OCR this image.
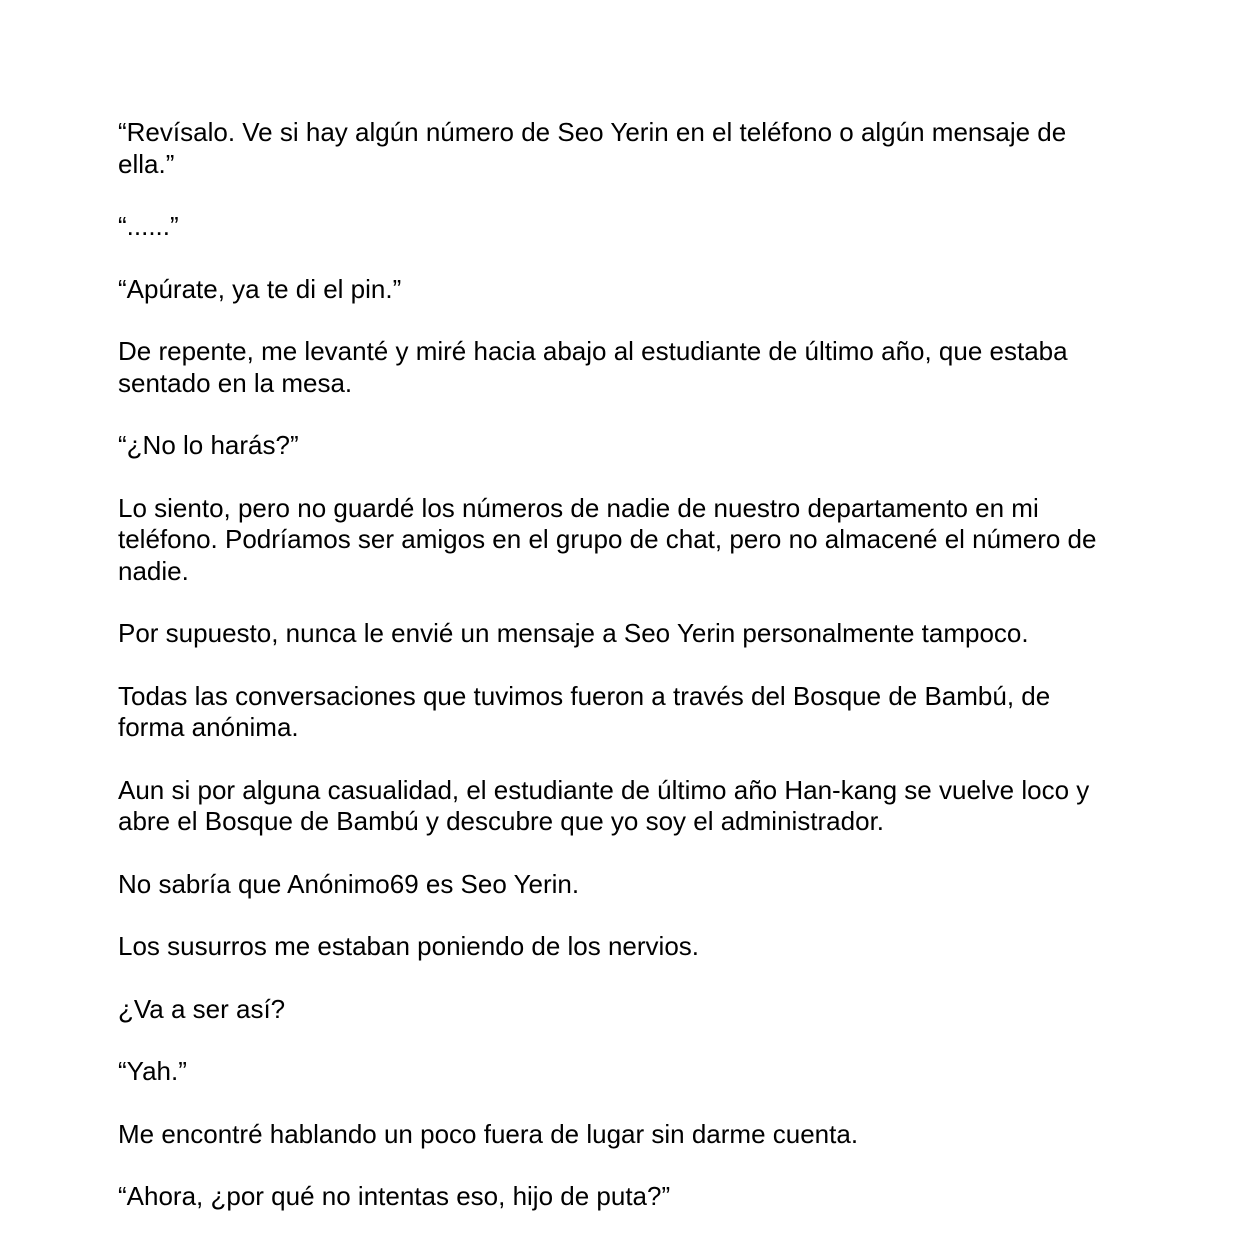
“Revísalo. Ve si hay algún número de Seo Yerin en el teléfono o algún mensaje de ella.”

“......”

“Apúrate, ya te di el pin.”

De repente, me levanté y miré hacia abajo al estudiante de último año, que estaba sentado en la mesa.

“¿No lo harás?”

Lo siento, pero no guardé los números de nadie de nuestro departamento en mi teléfono. Podríamos ser amigos en el grupo de chat, pero no almacené el número de nadie.

Por supuesto, nunca le envié un mensaje a Seo Yerin personalmente tampoco.

Todas las conversaciones que tuvimos fueron a través del Bosque de Bambú, de forma anónima.

Aun si por alguna casualidad, el estudiante de último año Han-kang se vuelve loco y abre el Bosque de Bambú y descubre que yo soy el administrador.

No sabría que Anónimo69 es Seo Yerin.

Los susurros me estaban poniendo de los nervios.

¿Va a ser así?

“Yah.”

Me encontré hablando un poco fuera de lugar sin darme cuenta.

“Ahora, ¿por qué no intentas eso, hijo de puta?”
